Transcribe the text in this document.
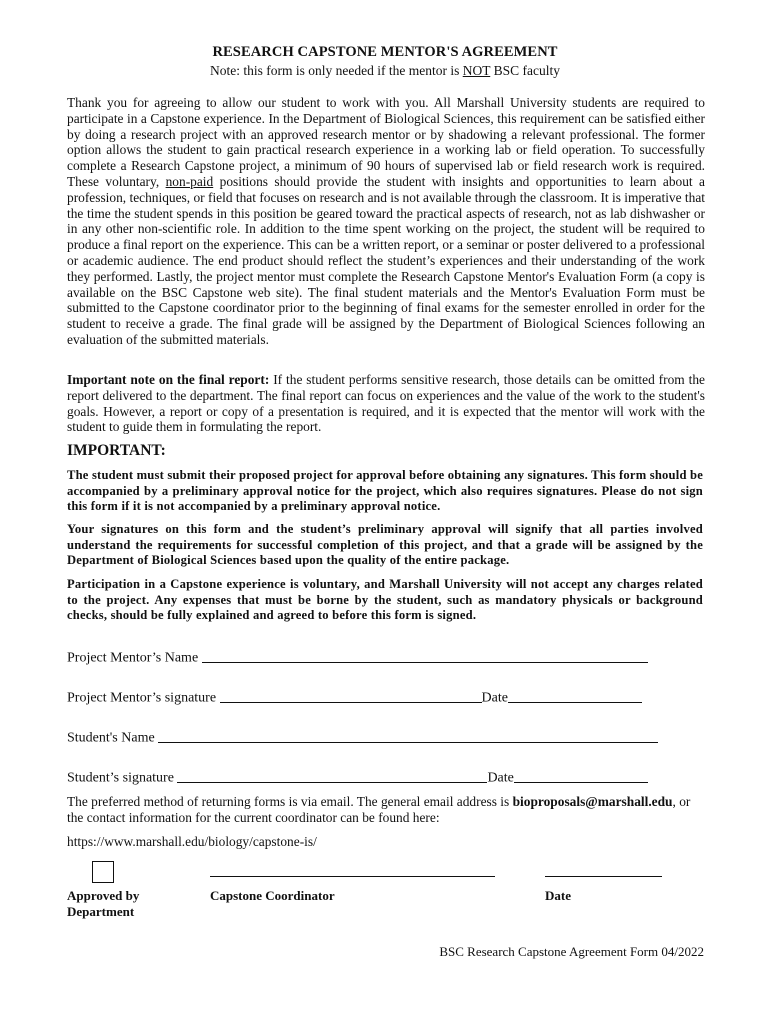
RESEARCH CAPSTONE MENTOR'S AGREEMENT
Note: this form is only needed if the mentor is NOT BSC faculty
Thank you for agreeing to allow our student to work with you. All Marshall University students are required to participate in a Capstone experience. In the Department of Biological Sciences, this requirement can be satisfied either by doing a research project with an approved research mentor or by shadowing a relevant professional. The former option allows the student to gain practical research experience in a working lab or field operation. To successfully complete a Research Capstone project, a minimum of 90 hours of supervised lab or field research work is required. These voluntary, non-paid positions should provide the student with insights and opportunities to learn about a profession, techniques, or field that focuses on research and is not available through the classroom. It is imperative that the time the student spends in this position be geared toward the practical aspects of research, not as lab dishwasher or in any other non-scientific role. In addition to the time spent working on the project, the student will be required to produce a final report on the experience. This can be a written report, or a seminar or poster delivered to a professional or academic audience. The end product should reflect the student’s experiences and their understanding of the work they performed. Lastly, the project mentor must complete the Research Capstone Mentor's Evaluation Form (a copy is available on the BSC Capstone web site). The final student materials and the Mentor's Evaluation Form must be submitted to the Capstone coordinator prior to the beginning of final exams for the semester enrolled in order for the student to receive a grade. The final grade will be assigned by the Department of Biological Sciences following an evaluation of the submitted materials.
Important note on the final report: If the student performs sensitive research, those details can be omitted from the report delivered to the department. The final report can focus on experiences and the value of the work to the student's goals. However, a report or copy of a presentation is required, and it is expected that the mentor will work with the student to guide them in formulating the report.
IMPORTANT:
The student must submit their proposed project for approval before obtaining any signatures. This form should be accompanied by a preliminary approval notice for the project, which also requires signatures. Please do not sign this form if it is not accompanied by a preliminary approval notice.
Your signatures on this form and the student’s preliminary approval will signify that all parties involved understand the requirements for successful completion of this project, and that a grade will be assigned by the Department of Biological Sciences based upon the quality of the entire package.
Participation in a Capstone experience is voluntary, and Marshall University will not accept any charges related to the project. Any expenses that must be borne by the student, such as mandatory physicals or background checks, should be fully explained and agreed to before this form is signed.
Project Mentor’s Name
Project Mentor’s signature	Date
Student's Name
Student’s signature	Date
The preferred method of returning forms is via email. The general email address is bioproposals@marshall.edu, or the contact information for the current coordinator can be found here:
https://www.marshall.edu/biology/capstone-is/
Approved by
Department
Capstone Coordinator	Date
BSC Research Capstone Agreement Form 04/2022
